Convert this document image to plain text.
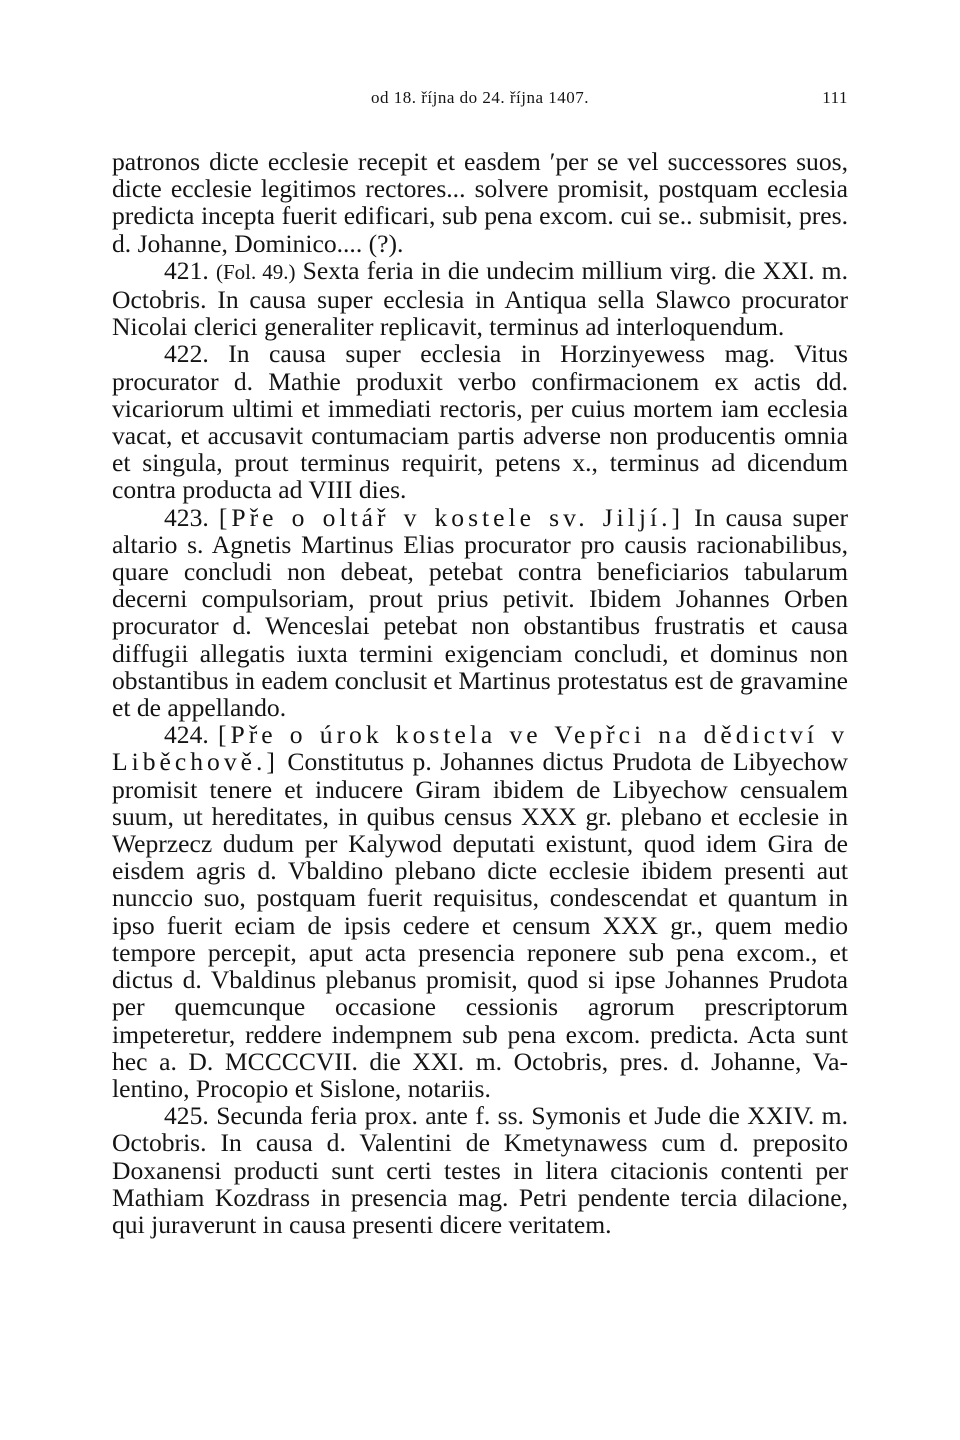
od 18. října do 24. října 1407.	111

patronos dicte ecclesie recepit et easdem ʹper se vel successores suos, dicte ecclesie legitimos rectores... solvere promisit, postquam ecclesia predicta incepta fuerit edificari, sub pena excom. cui se.. submisit, pres. d. Johanne, Dominico.... (?).

421. (Fol. 49.) Sexta feria in die undecim millium virg. die XXI. m. Octobris. In causa super ecclesia in Antiqua sella Slawco procurator Nicolai clerici generaliter replicavit, terminus ad interloquendum.

422. In causa super ecclesia in Horzinyewess mag. Vitus procurator d. Mathie produxit verbo confirmacionem ex actis dd. vicariorum ultimi et immediati rectoris, per cuius mortem iam ecclesia vacat, et accusavit contumaciam partis adverse non producentis omnia et singula, prout terminus requirit, petens x., terminus ad dicendum contra producta ad VIII dies.

423. [Pře o oltář v kostele sv. Jiljí.] In causa super altario s. Agnetis Martinus Elias procurator pro causis racionabilibus, quare concludi non debeat, petebat contra beneficiarios tabularum decerni compulsoriam, prout prius petivit. Ibidem Johannes Orben procurator d. Wenceslai petebat non obstantibus frustratis et causa diffugii allegatis iuxta termini exigenciam concludi, et dominus non obstantibus in eadem conclusit et Martinus protestatus est de gravamine et de appellando.

424. [Pře o úrok kostela ve Vepřci na dědictví v Liběchově.] Constitutus p. Johannes dictus Prudota de Libyechow promisit tenere et inducere Giram ibidem de Libyechow censualem suum, ut hereditates, in quibus census XXX gr. plebano et ecclesie in Weprzecz dudum per Kalywod deputati existunt, quod idem Gira de eisdem agris d. Vbaldino plebano dicte ecclesie ibidem presenti aut nunccio suo, postquam fuerit requisitus, condescendat et quantum in ipso fuerit eciam de ipsis cedere et censum XXX gr., quem medio tempore percepit, aput acta presencia reponere sub pena excom., et dictus d. Vbaldinus plebanus promisit, quod si ipse Johannes Prudota per quemcunque occasione cessionis agrorum prescriptorum impeteretur, reddere indempnem sub pena excom. predicta. Acta sunt hec a. D. MCCCCVII. die XXI. m. Octobris, pres. d. Johanne, Valentino, Procopio et Sislone, notariis.

425. Secunda feria prox. ante f. ss. Symonis et Jude die XXIV. m. Octobris. In causa d. Valentini de Kmetynawess cum d. preposito Doxanensi producti sunt certi testes in litera citacionis contenti per Mathiam Kozdrass in presencia mag. Petri pendente tercia dilacione, qui juraverunt in causa presenti dicere veritatem.
